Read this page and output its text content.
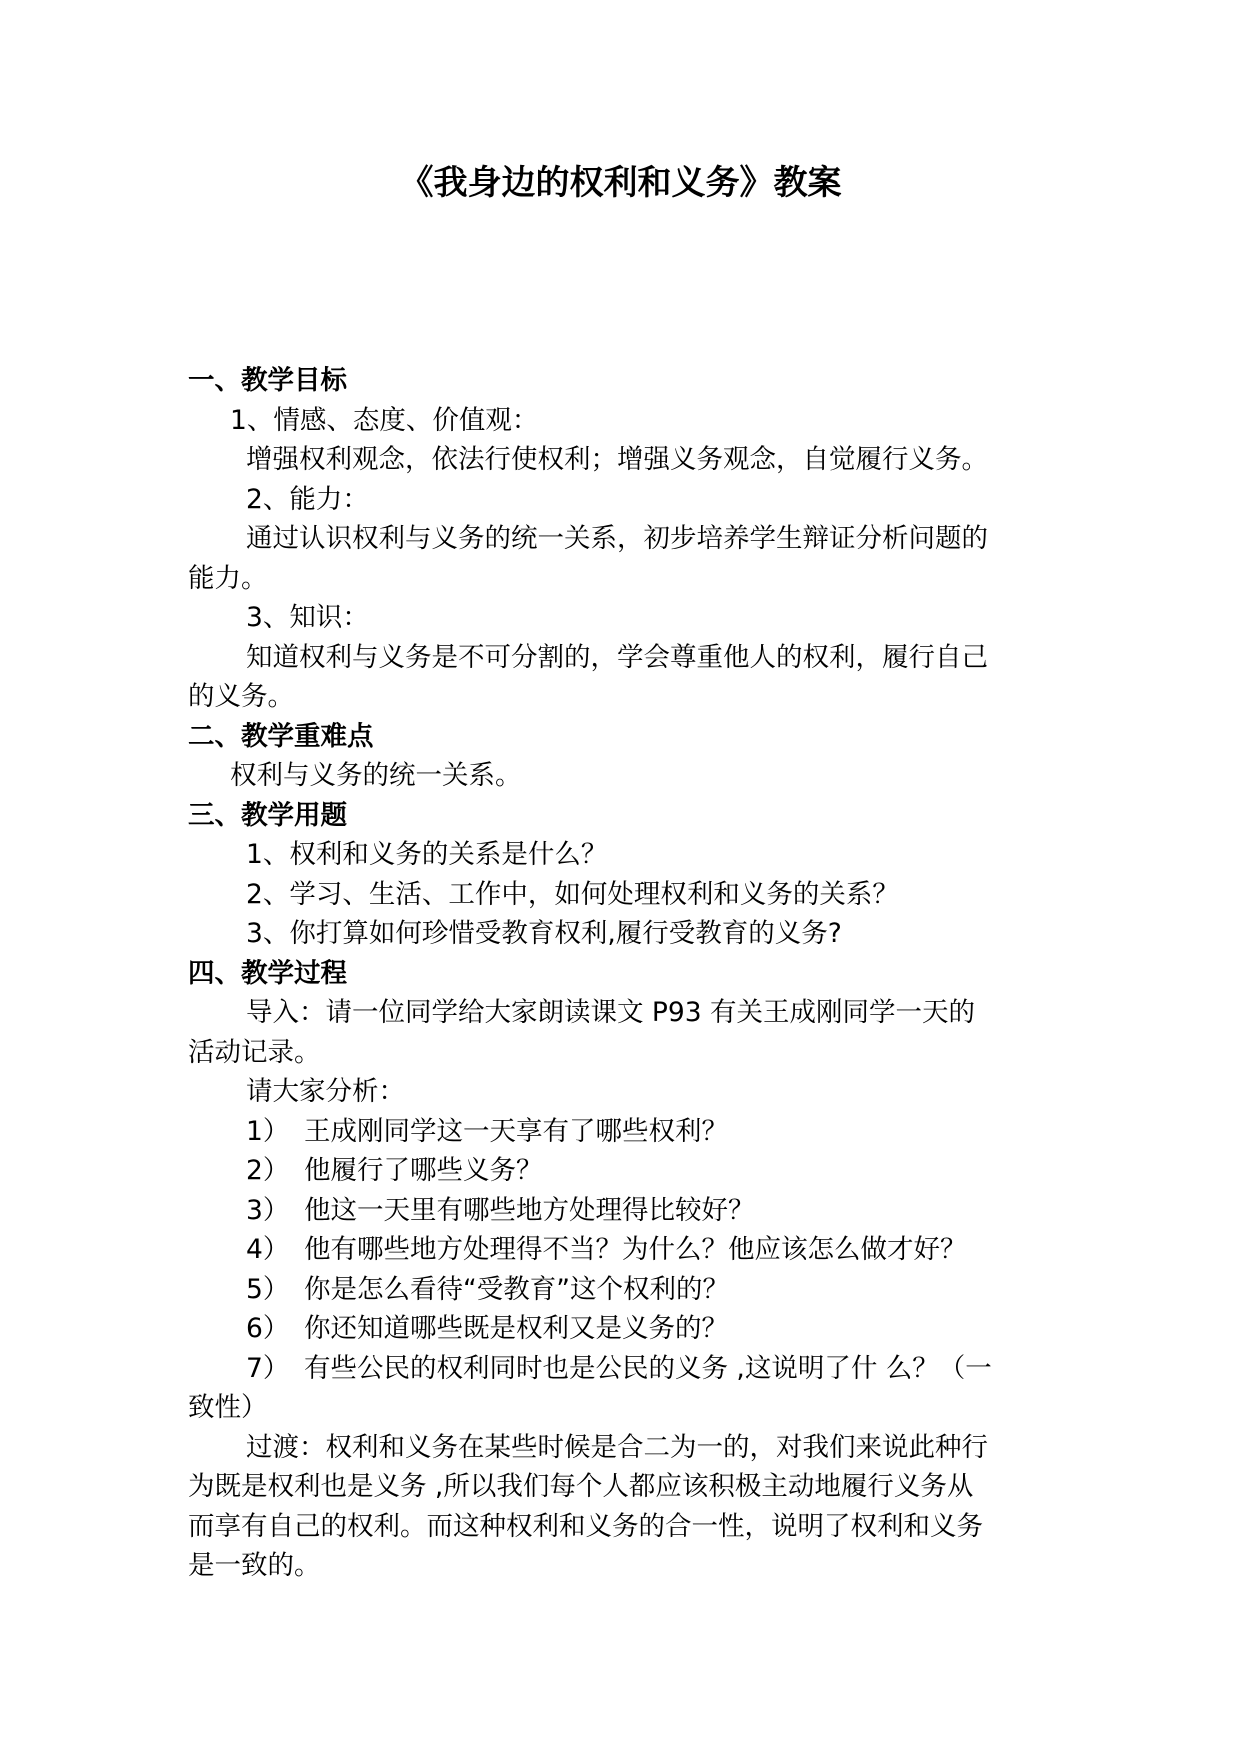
《我身边的权利和义务》教案

一、教学目标

1、情感、态度、价值观：

增强权利观念，依法行使权利；增强义务观念，自觉履行义务。

2、能力：

通过认识权利与义务的统一关系，初步培养学生辩证分析问题的

能力。

3、知识：

知道权利与义务是不可分割的，学会尊重他人的权利，履行自己

的义务。

二、教学重难点

权利与义务的统一关系。

三、教学用题

1、权利和义务的关系是什么？

2、学习、生活、工作中，如何处理权利和义务的关系？

3、你打算如何珍惜受教育权利,履行受教育的义务?

四、教学过程

导入：请一位同学给大家朗读课文 P93 有关王成刚同学一天的

活动记录。

请大家分析：

1） 王成刚同学这一天享有了哪些权利？

2） 他履行了哪些义务？

3） 他这一天里有哪些地方处理得比较好？

4） 他有哪些地方处理得不当？为什么？他应该怎么做才好？

5） 你是怎么看待“受教育”这个权利的？

6） 你还知道哪些既是权利又是义务的？

7） 有些公民的权利同时也是公民的义务 ,这说明了什 么？（一

致性）

过渡：权利和义务在某些时候是合二为一的，对我们来说此种行

为既是权利也是义务 ,所以我们每个人都应该积极主动地履行义务从

而享有自己的权利。而这种权利和义务的合一性，说明了权利和义务

是一致的。
